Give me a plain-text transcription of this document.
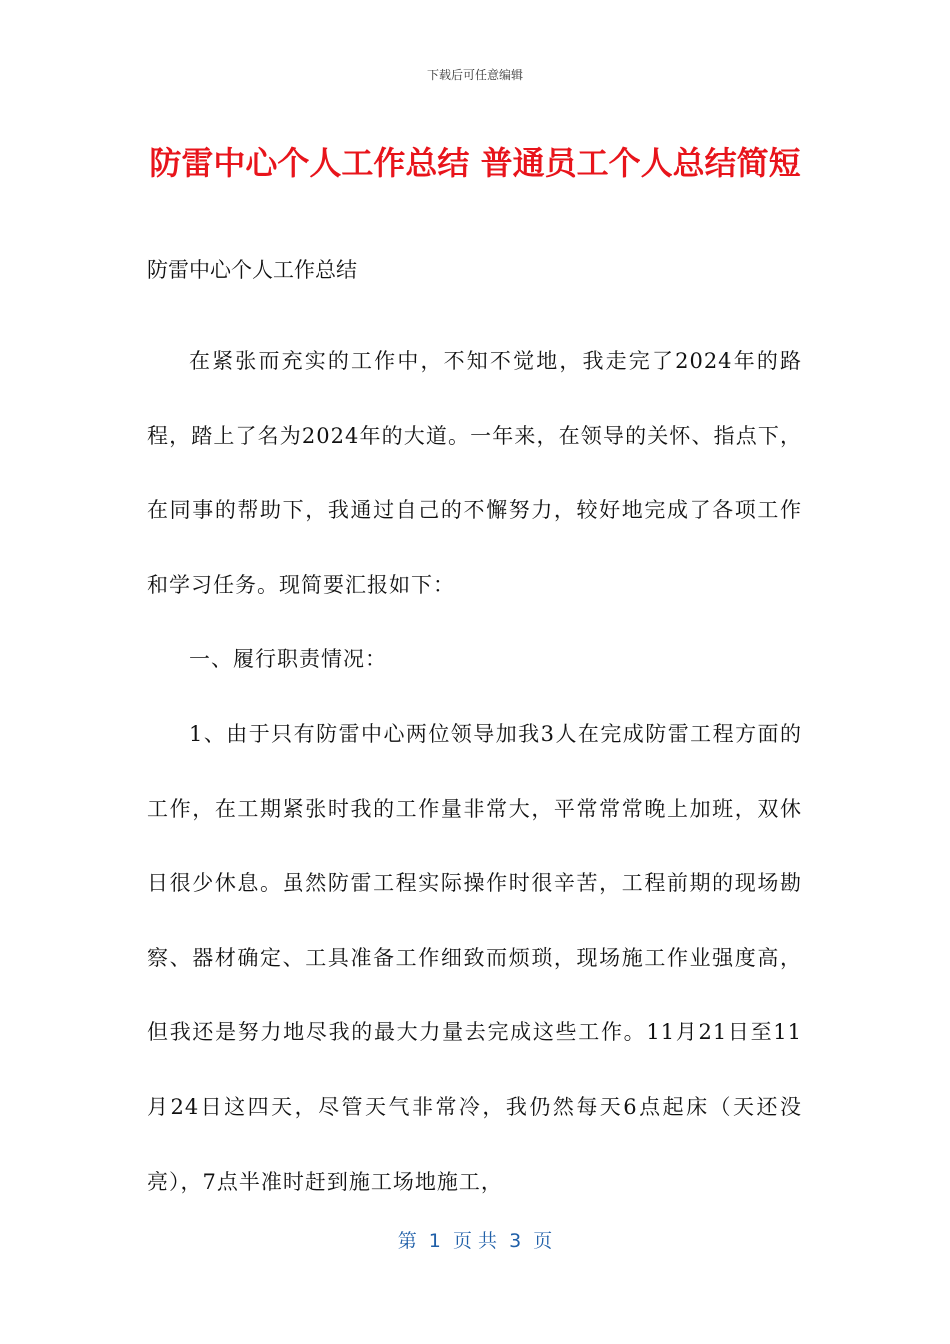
下载后可任意编辑
防雷中心个人工作总结 普通员工个人总结简短

防雷中心个人工作总结

在紧张而充实的工作中，不知不觉地，我走完了2024年的路程，踏上了名为2024年的大道。一年来，在领导的关怀、指点下，在同事的帮助下，我通过自己的不懈努力，较好地完成了各项工作和学习任务。现简要汇报如下：

一、履行职责情况：

1、由于只有防雷中心两位领导加我3人在完成防雷工程方面的工作，在工期紧张时我的工作量非常大，平常常常晚上加班，双休日很少休息。虽然防雷工程实际操作时很辛苦，工程前期的现场勘察、器材确定、工具准备工作细致而烦琐，现场施工作业强度高，但我还是努力地尽我的最大力量去完成这些工作。11月21日至11月24日这四天，尽管天气非常冷，我仍然每天6点起床（天还没亮），7点半准时赶到施工场地施工，

第  1  页 共  3  页
